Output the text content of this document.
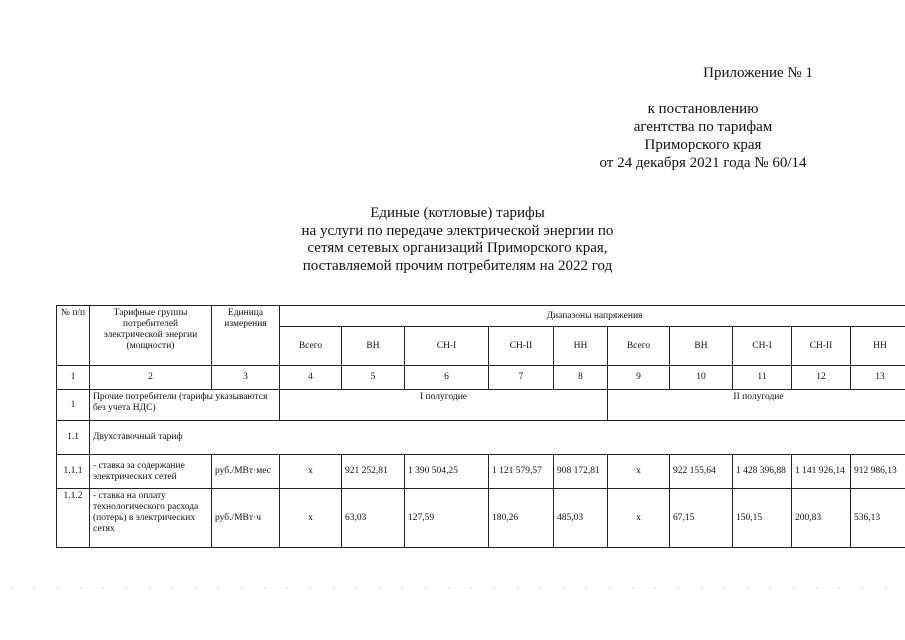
Приложение № 1
к постановлению
агентства по тарифам
Приморского края
от 24 декабря 2021 года № 60/14
Единые (котловые) тарифы
на услуги по передаче электрической энергии по
сетям сетевых организаций Приморского края,
поставляемой прочим потребителям на 2022 год
№ п/п	Тарифные группы потребителей электрической энергии (мощности)	Единица измерения	Диапазоны напряжения									
			Всего	ВН	СН-I	СН-II	НН	Всего	ВН	СН-I	СН-II	НН
1	2	3	4	5	6	7	8	9	10	11	12	13
1	Прочие потребители (тарифы указываются без учета НДС)		I полугодие					II полугодие				
1.1	Двухставочный тариф											
1.1.1	- ставка за содержание электрических сетей	руб./МВт·мес	х	921 252,81	1 390 504,25	1 121 579,57	908 172,81	х	922 155,64	1 428 396,88	1 141 926,14	912 986,13
1.1.2	- ставка на оплату технологического расхода (потерь) в электрических сетях	руб./МВт·ч	х	63,03	127,59	180,26	485,03	х	67,15	150,15	200,83	536,13
